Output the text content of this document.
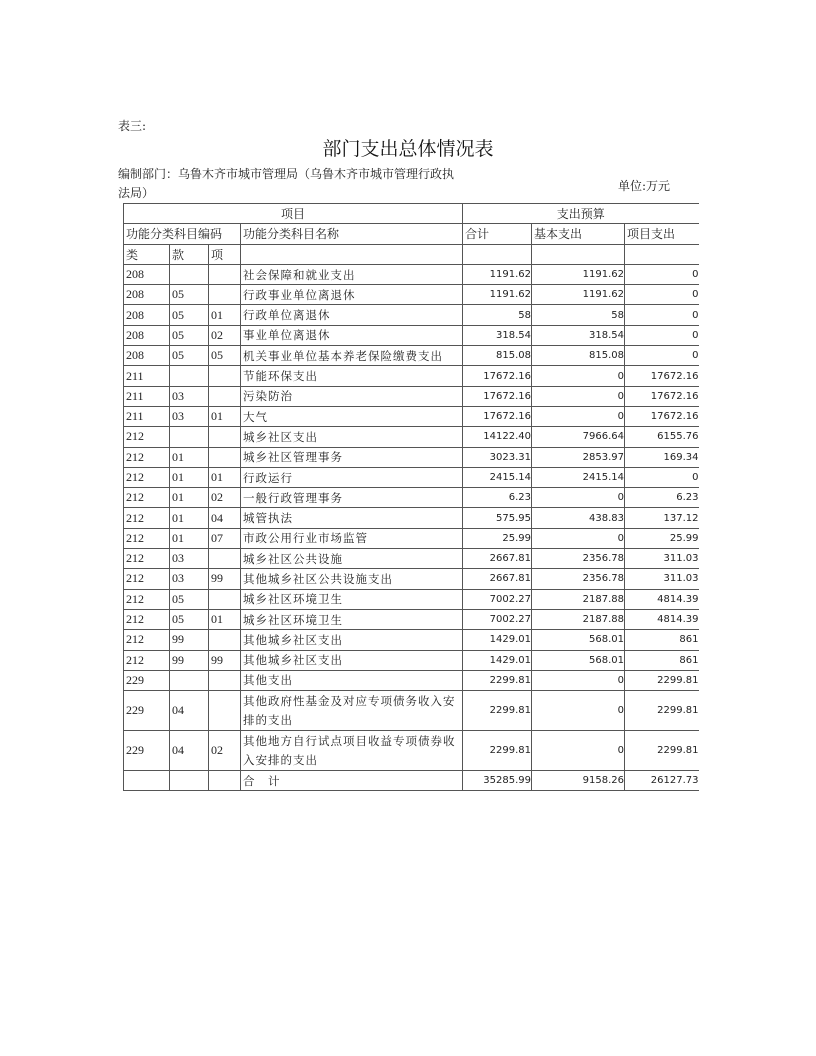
表三:
部门支出总体情况表
编制部门：乌鲁木齐市城市管理局（乌鲁木齐市城市管理行政执法局）	单位:万元
项目				支出预算		
功能分类科目编码			功能分类科目名称	合计	基本支出	项目支出
类	款	项				
208			社会保障和就业支出	1191.62	1191.62	0
208	05		行政事业单位离退休	1191.62	1191.62	0
208	05	01	行政单位离退休	58	58	0
208	05	02	事业单位离退休	318.54	318.54	0
208	05	05	机关事业单位基本养老保险缴费支出	815.08	815.08	0
211			节能环保支出	17672.16	0	17672.16
211	03		污染防治	17672.16	0	17672.16
211	03	01	大气	17672.16	0	17672.16
212			城乡社区支出	14122.40	7966.64	6155.76
212	01		城乡社区管理事务	3023.31	2853.97	169.34
212	01	01	行政运行	2415.14	2415.14	0
212	01	02	一般行政管理事务	6.23	0	6.23
212	01	04	城管执法	575.95	438.83	137.12
212	01	07	市政公用行业市场监管	25.99	0	25.99
212	03		城乡社区公共设施	2667.81	2356.78	311.03
212	03	99	其他城乡社区公共设施支出	2667.81	2356.78	311.03
212	05		城乡社区环境卫生	7002.27	2187.88	4814.39
212	05	01	城乡社区环境卫生	7002.27	2187.88	4814.39
212	99		其他城乡社区支出	1429.01	568.01	861
212	99	99	其他城乡社区支出	1429.01	568.01	861
229			其他支出	2299.81	0	2299.81
229	04		其他政府性基金及对应专项债务收入安排的支出	2299.81	0	2299.81
229	04	02	其他地方自行试点项目收益专项债券收入安排的支出	2299.81	0	2299.81
			合　计	35285.99	9158.26	26127.73
